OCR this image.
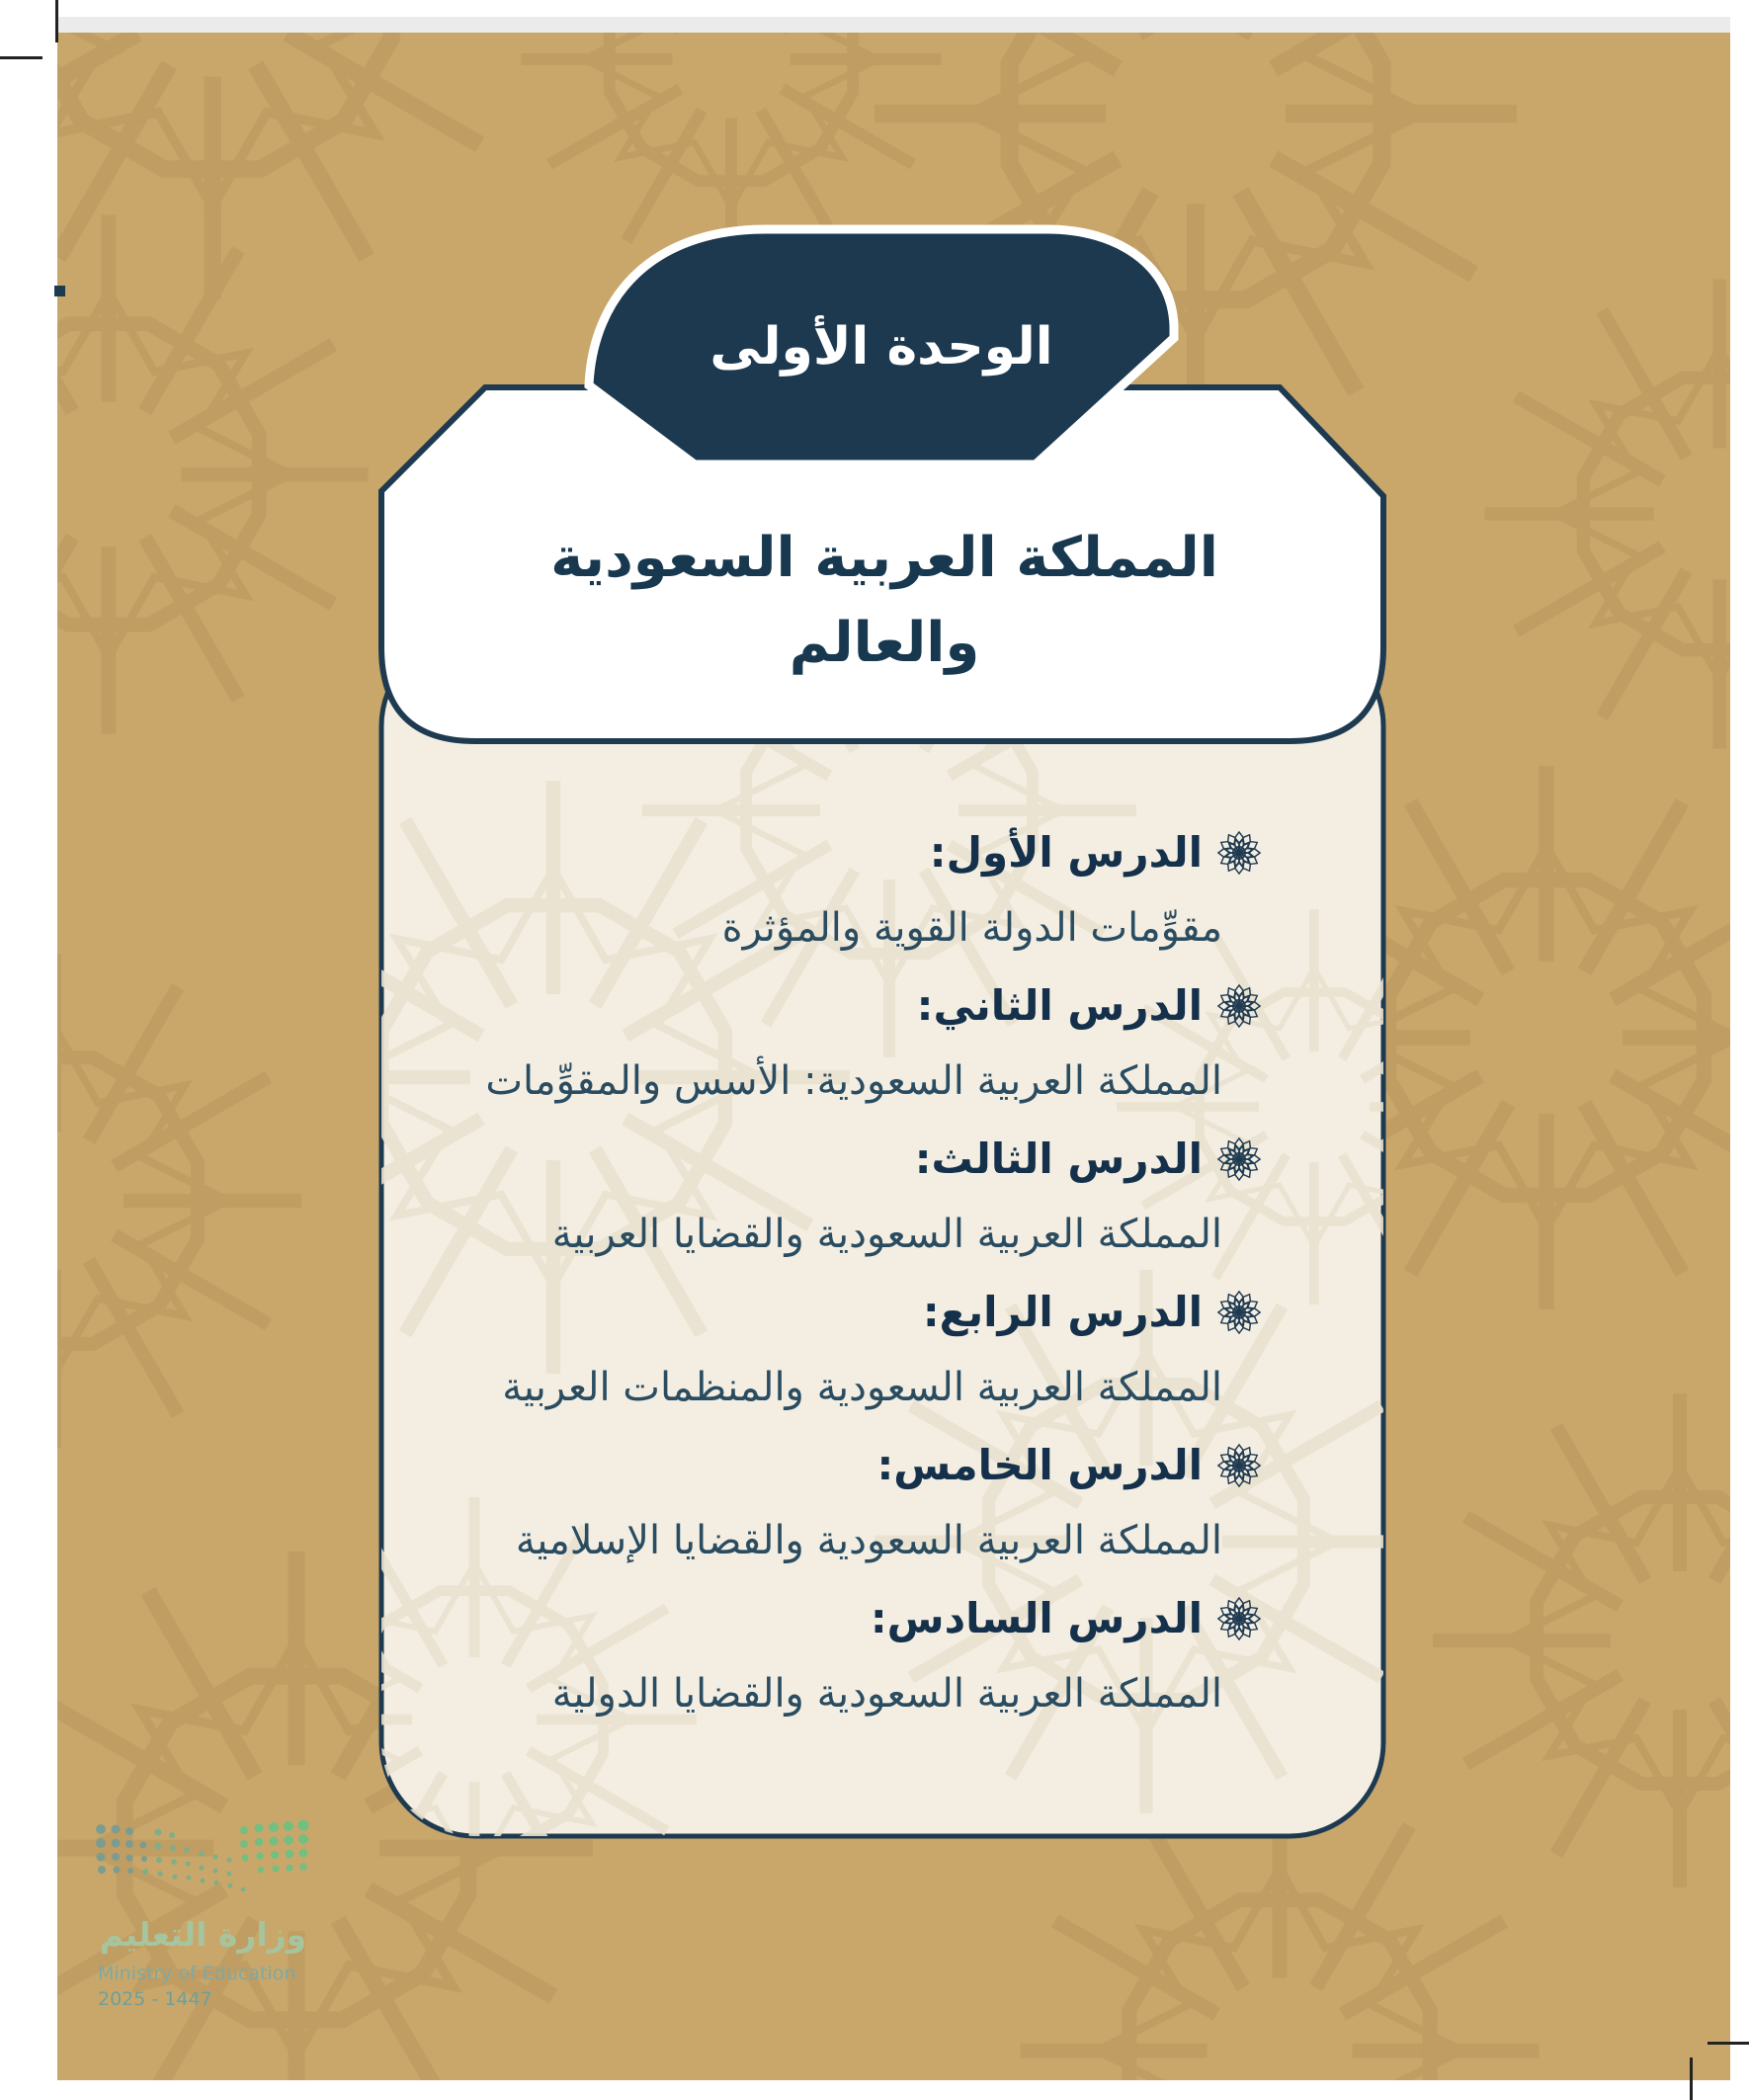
الوحدة الأولى
المملكة العربية السعودية
والعالم
الدرس الأول:
مقوِّمات الدولة القوية والمؤثرة
الدرس الثاني:
المملكة العربية السعودية: الأسس والمقوِّمات
الدرس الثالث:
المملكة العربية السعودية والقضايا العربية
الدرس الرابع:
المملكة العربية السعودية والمنظمات العربية
الدرس الخامس:
المملكة العربية السعودية والقضايا الإسلامية
الدرس السادس:
المملكة العربية السعودية والقضايا الدولية
وزارة التعليم
Ministry of Education
2025 - 1447
